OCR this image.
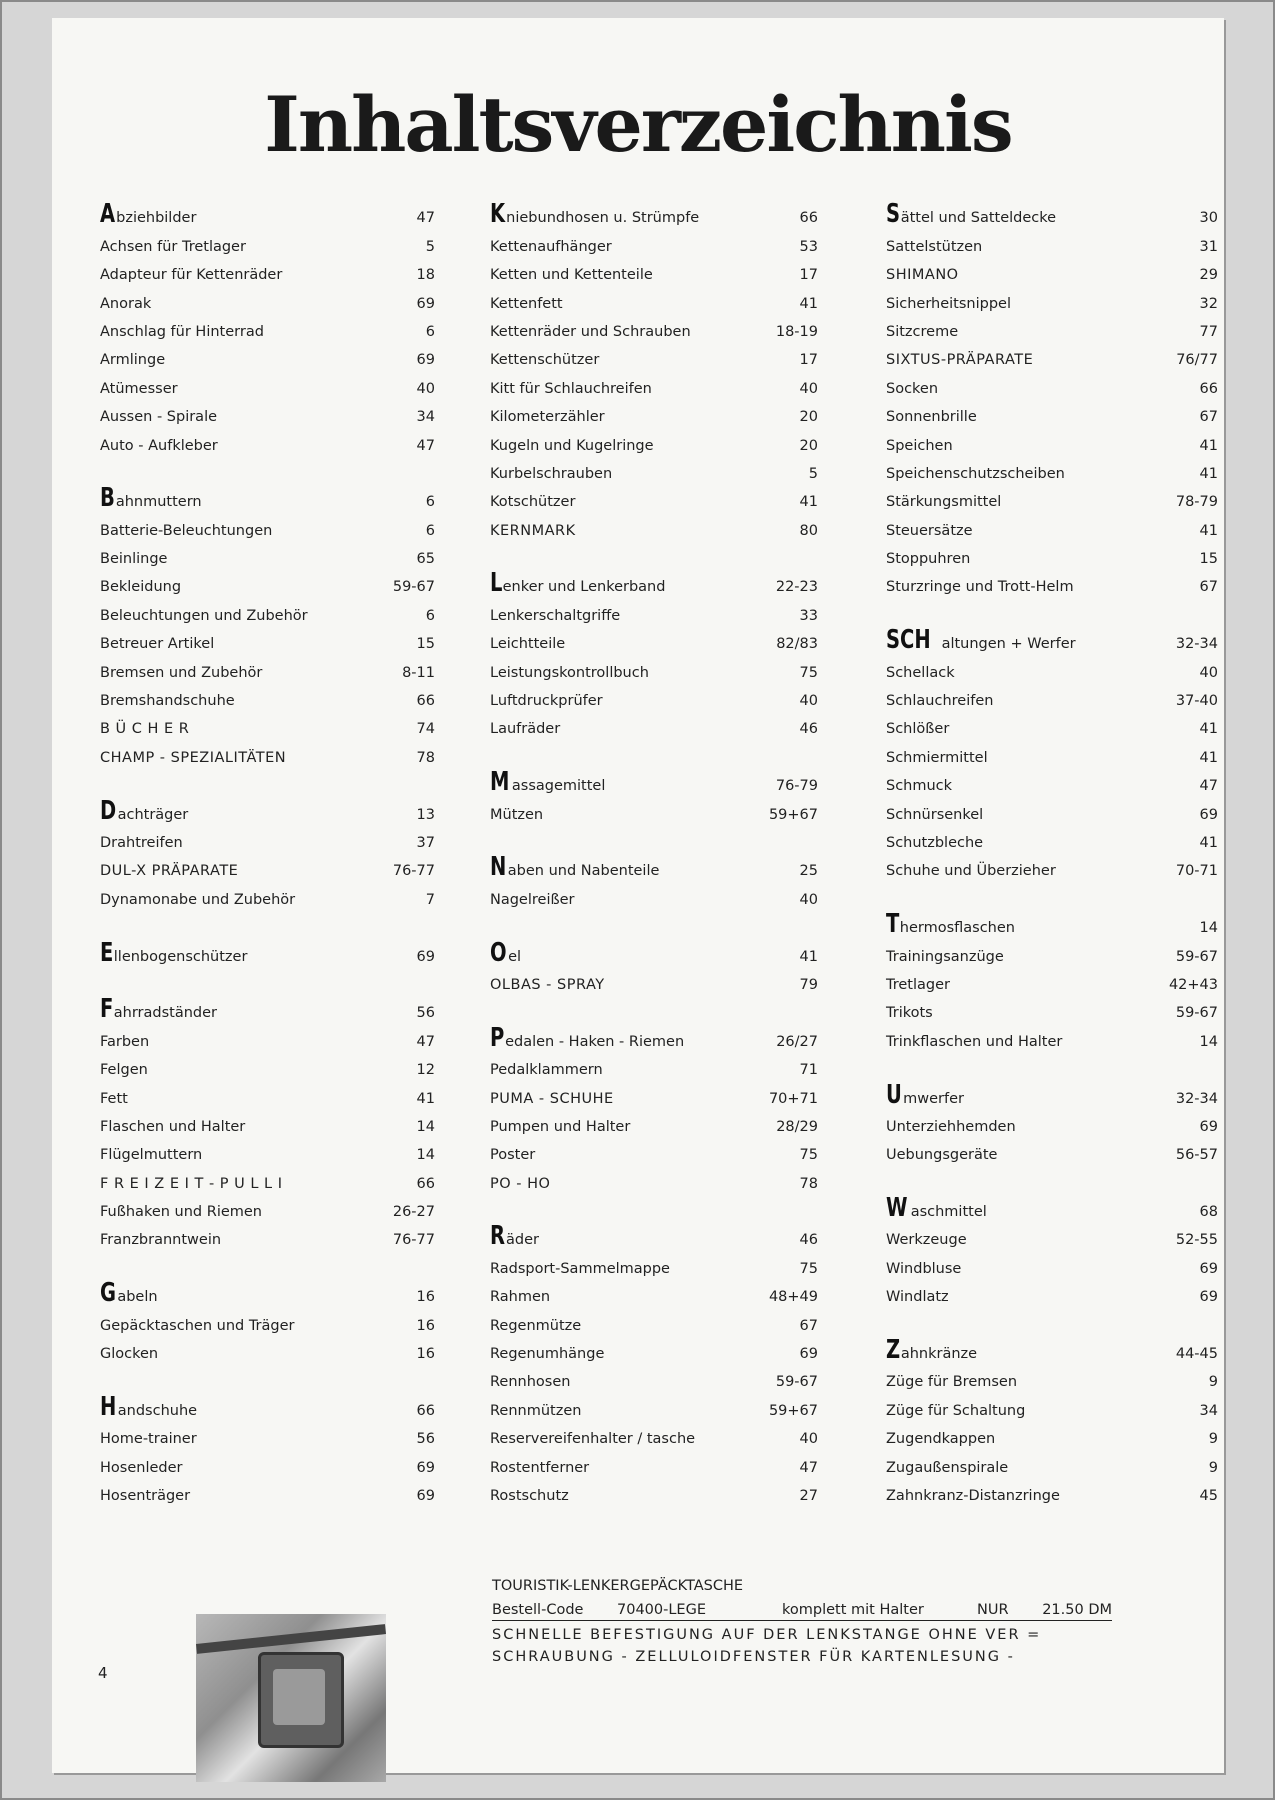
Inhaltsverzeichnis
Abziehbilder	47
Achsen für Tretlager	5
Adapteur für Kettenräder	18
Anorak	69
Anschlag für Hinterrad	6
Armlinge	69
Atümesser	40
Aussen - Spirale	34
Auto - Aufkleber	47
Bahnmuttern	6
Batterie-Beleuchtungen	6
Beinlinge	65
Bekleidung	59-67
Beleuchtungen und Zubehör	6
Betreuer Artikel	15
Bremsen und Zubehör	8-11
Bremshandschuhe	66
B Ü C H E R	74
CHAMP - SPEZIALITÄTEN	78
Dachträger	13
Drahtreifen	37
DUL-X PRÄPARATE	76-77
Dynamonabe und Zubehör	7
Ellenbogenschützer	69
Fahrradständer	56
Farben	47
Felgen	12
Fett	41
Flaschen und Halter	14
Flügelmuttern	14
F R E I Z E I T - P U L L I	66
Fußhaken und Riemen	26-27
Franzbranntwein	76-77
Gabeln	16
Gepäcktaschen und Träger	16
Glocken	16
Handschuhe	66
Home-trainer	56
Hosenleder	69
Hosenträger	69
Kniebundhosen u. Strümpfe	66
Kettenaufhänger	53
Ketten und Kettenteile	17
Kettenfett	41
Kettenräder und Schrauben	18-19
Kettenschützer	17
Kitt für Schlauchreifen	40
Kilometerzähler	20
Kugeln und Kugelringe	20
Kurbelschrauben	5
Kotschützer	41
KERNMARK	80
Lenker und Lenkerband	22-23
Lenkerschaltgriffe	33
Leichtteile	82/83
Leistungskontrollbuch	75
Luftdruckprüfer	40
Laufräder	46
Massagemittel	76-79
Mützen	59+67
Naben und Nabenteile	25
Nagelreißer	40
Oel	41
OLBAS - SPRAY	79
Pedalen - Haken - Riemen	26/27
Pedalklammern	71
PUMA - SCHUHE	70+71
Pumpen und Halter	28/29
Poster	75
PO - HO	78
Räder	46
Radsport-Sammelmappe	75
Rahmen	48+49
Regenmütze	67
Regenumhänge	69
Rennhosen	59-67
Rennmützen	59+67
Reservereifenhalter / tasche	40
Rostentferner	47
Rostschutz	27
Sättel und Satteldecke	30
Sattelstützen	31
SHIMANO	29
Sicherheitsnippel	32
Sitzcreme	77
SIXTUS-PRÄPARATE	76/77
Socken	66
Sonnenbrille	67
Speichen	41
Speichenschutzscheiben	41
Stärkungsmittel	78-79
Steuersätze	41
Stoppuhren	15
Sturzringe und Trott-Helm	67
SCH altungen + Werfer	32-34
Schellack	40
Schlauchreifen	37-40
Schlößer	41
Schmiermittel	41
Schmuck	47
Schnürsenkel	69
Schutzbleche	41
Schuhe und Überzieher	70-71
Thermosflaschen	14
Trainingsanzüge	59-67
Tretlager	42+43
Trikots	59-67
Trinkflaschen und Halter	14
Umwerfer	32-34
Unterziehhemden	69
Uebungsgeräte	56-57
Waschmittel	68
Werkzeuge	52-55
Windbluse	69
Windlatz	69
Zahnkränze	44-45
Züge für Bremsen	9
Züge für Schaltung	34
Zugendkappen	9
Zugaußenspirale	9
Zahnkranz-Distanzringe	45
4
TOURISTIK-LENKERGEPÄCKTASCHE
Bestell-Code	70400-LEGE	komplett mit Halter	NUR	21.50 DM
SCHNELLE BEFESTIGUNG AUF DER LENKSTANGE OHNE VER =
SCHRAUBUNG - ZELLULOIDFENSTER FÜR KARTENLESUNG -
